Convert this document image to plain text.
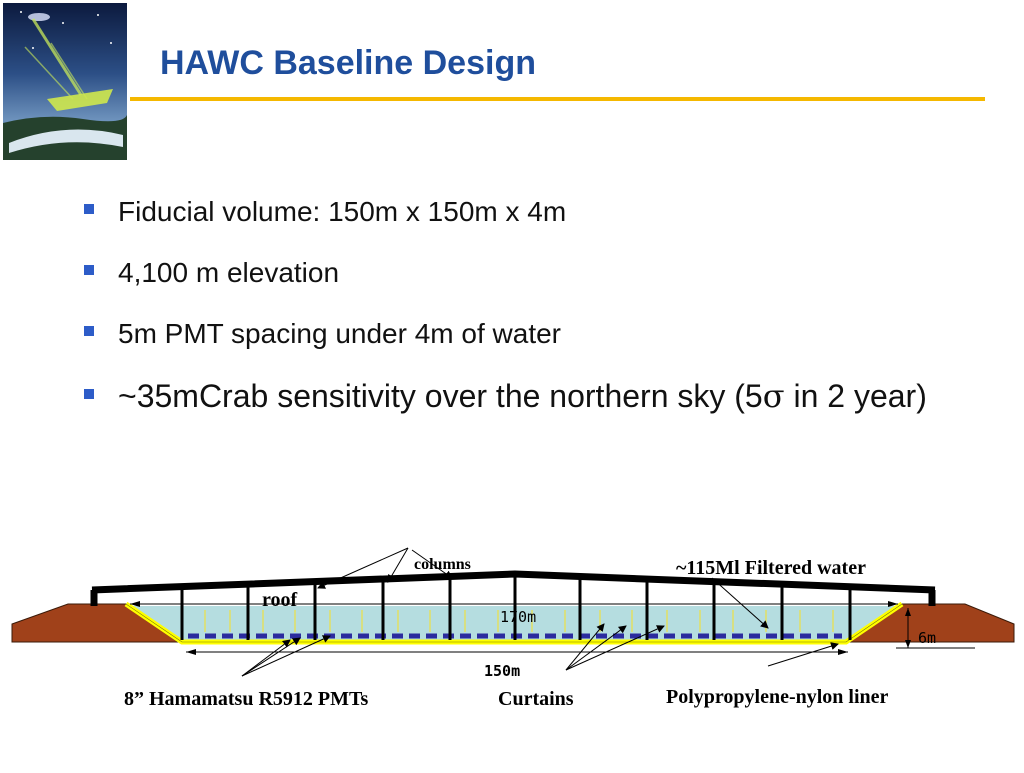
HAWC Baseline Design
Fiducial volume: 150m x 150m x 4m
4,100 m elevation
5m PMT spacing under 4m of water
~35mCrab sensitivity over the northern sky (5σ in 2 year)
columns
roof
~115Ml Filtered water
170m
150m
6m
8” Hamamatsu R5912 PMTs	Curtains	Polypropylene-nylon liner
